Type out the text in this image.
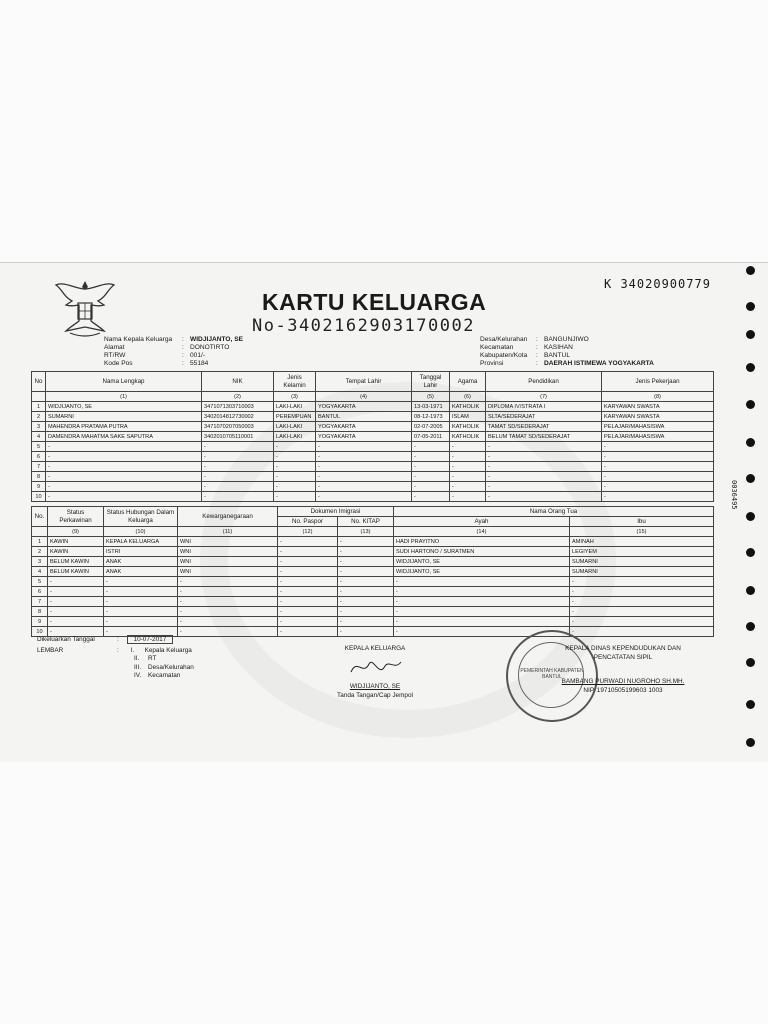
K 34020900779
KARTU KELUARGA
No-3402162903170002
0036495
Nama Kepala Keluarga : WIDJIJANTO, SE
Alamat	: DONOTIRTO
RT/RW	: 001/-
Kode Pos	: 55184
Desa/Kelurahan : BANGUNJIWO
Kecamatan	: KASIHAN
Kabupaten/Kota : BANTUL
Provinsi	: DAERAH ISTIMEWA YOGYAKARTA
No	Nama Lengkap	NIK	Jenis Kelamin	Tempat Lahir	Tanggal Lahir	Agama	Pendidikan	Jenis Pekerjaan
	(1)	(2)	(3)	(4)	(5)	(6)	(7)	(8)
1	WIDJIJANTO, SE	3471071303710003	LAKI-LAKI	YOGYAKARTA	13-03-1971	KATHOLIK	DIPLOMA IV/STRATA I	KARYAWAN SWASTA
2	SUMARNI	3402014812730002	PEREMPUAN	BANTUL	08-12-1973	ISLAM	SLTA/SEDERAJAT	KARYAWAN SWASTA
3	MAHENDRA PRATAMA PUTRA	3471070207050003	LAKI-LAKI	YOGYAKARTA	02-07-2005	KATHOLIK	TAMAT SD/SEDERAJAT	PELAJAR/MAHASISWA
4	DAMENDRA MAHATMA SAKE SAPUTRA	3402010705110001	LAKI-LAKI	YOGYAKARTA	07-05-2011	KATHOLIK	BELUM TAMAT SD/SEDERAJAT	PELAJAR/MAHASISWA
5	-	-	-	-	-	-	-	-
6	-	-	-	-	-	-	-	-
7	-	-	-	-	-	-	-	-
8	-	-	-	-	-	-	-	-
9	-	-	-	-	-	-	-	-
10	-	-	-	-	-	-	-	-
No.	Status Perkawinan	Status Hubungan Dalam Keluarga	Kewarganegaraan	Dokumen Imigrasi		Nama Orang Tua	
				No. Paspor	No. KITAP	Ayah	Ibu
	(9)	(10)	(11)	(12)	(13)	(14)	(15)
1	KAWIN	KEPALA KELUARGA	WNI	-	-	HADI PRAYITNO	AMINAH
2	KAWIN	ISTRI	WNI	-	-	SUDI HARTONO / SURATMEN	LEGIYEM
3	BELUM KAWIN	ANAK	WNI	-	-	WIDJIJANTO, SE	SUMARNI
4	BELUM KAWIN	ANAK	WNI	-	-	WIDJIJANTO, SE	SUMARNI
5	-	-	-	-	-	-	-
6	-	-	-	-	-	-	-
7	-	-	-	-	-	-	-
8	-	-	-	-	-	-	-
9	-	-	-	-	-	-	-
10	-	-	-	-	-	-	-
Dikeluarkan Tanggal	: 10-07-2017
LEMBAR	: I. Kepala Keluarga
II. RT
III. Desa/Kelurahan
IV. Kecamatan
KEPALA KELUARGA
WIDJIJANTO, SE
Tanda Tangan/Cap Jempol
PEMERINTAH KABUPATEN BANTUL
KEPALA DINAS KEPENDUDUKAN DAN
PENCATATAN SIPIL
BAMBANG PURWADI NUGROHO SH.MH.
NIP. 19710505199603 1003
